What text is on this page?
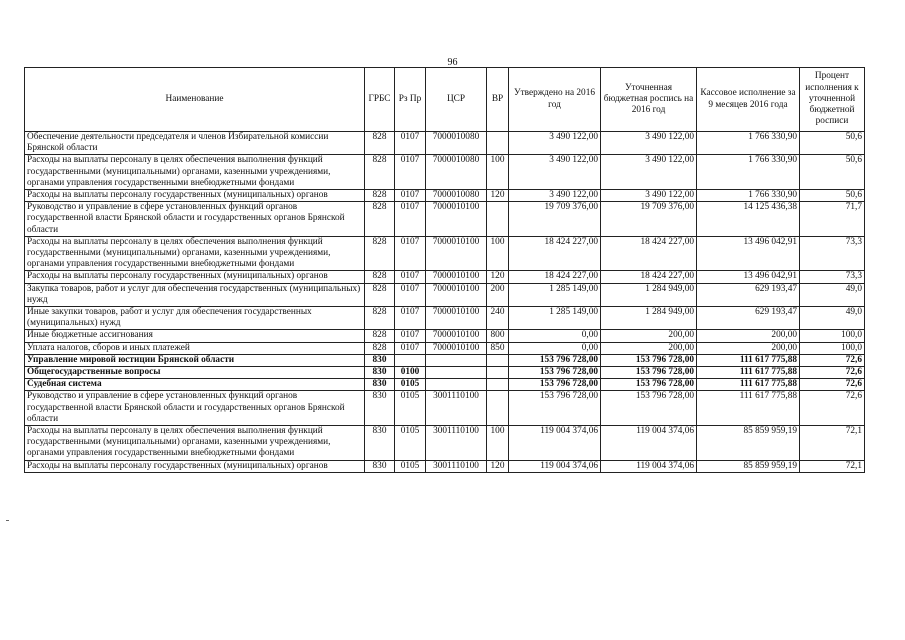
96
Наименование	ГРБС	Рз Пр	ЦСР	ВР	Утверждено на 2016 год	Уточненная бюджетная роспись на 2016 год	Кассовое исполнение за 9 месяцев 2016 года	Процент исполнения к уточненной бюджетной росписи
Обеспечение деятельности председателя и членов Избирательной комиссии Брянской области	828	0107	7000010080		3 490 122,00	3 490 122,00	1 766 330,90	50,6
Расходы на выплаты персоналу в целях обеспечения выполнения функций государственными (муниципальными) органами, казенными учреждениями, органами управления государственными внебюджетными фондами	828	0107	7000010080	100	3 490 122,00	3 490 122,00	1 766 330,90	50,6
Расходы на выплаты персоналу государственных (муниципальных) органов	828	0107	7000010080	120	3 490 122,00	3 490 122,00	1 766 330,90	50,6
Руководство и управление в сфере установленных функций органов государственной власти Брянской области и государственных органов Брянской области	828	0107	7000010100		19 709 376,00	19 709 376,00	14 125 436,38	71,7
Расходы на выплаты персоналу в целях обеспечения выполнения функций государственными (муниципальными) органами, казенными учреждениями, органами управления государственными внебюджетными фондами	828	0107	7000010100	100	18 424 227,00	18 424 227,00	13 496 042,91	73,3
Расходы на выплаты персоналу государственных (муниципальных) органов	828	0107	7000010100	120	18 424 227,00	18 424 227,00	13 496 042,91	73,3
Закупка товаров, работ и услуг для обеспечения государственных (муниципальных) нужд	828	0107	7000010100	200	1 285 149,00	1 284 949,00	629 193,47	49,0
Иные закупки товаров, работ и услуг для обеспечения государственных (муниципальных) нужд	828	0107	7000010100	240	1 285 149,00	1 284 949,00	629 193,47	49,0
Иные бюджетные ассигнования	828	0107	7000010100	800	0,00	200,00	200,00	100,0
Уплата налогов, сборов и иных платежей	828	0107	7000010100	850	0,00	200,00	200,00	100,0
Управление мировой юстиции Брянской области	830				153 796 728,00	153 796 728,00	111 617 775,88	72,6
Общегосударственные вопросы	830	0100			153 796 728,00	153 796 728,00	111 617 775,88	72,6
Судебная система	830	0105			153 796 728,00	153 796 728,00	111 617 775,88	72,6
Руководство и управление в сфере установленных функций органов государственной власти Брянской области и государственных органов Брянской области	830	0105	3001110100		153 796 728,00	153 796 728,00	111 617 775,88	72,6
Расходы на выплаты персоналу в целях обеспечения выполнения функций государственными (муниципальными) органами, казенными учреждениями, органами управления государственными внебюджетными фондами	830	0105	3001110100	100	119 004 374,06	119 004 374,06	85 859 959,19	72,1
Расходы на выплаты персоналу государственных (муниципальных) органов	830	0105	3001110100	120	119 004 374,06	119 004 374,06	85 859 959,19	72,1
